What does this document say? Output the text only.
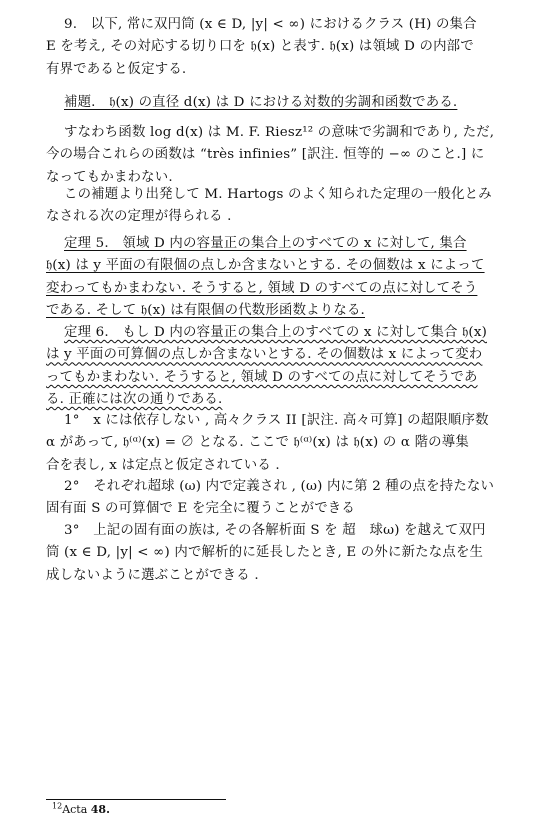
9.　以下, 常に双円筒 (x ∈ D, |y| < ∞) におけるクラス (H) の集合
E を考え, その対応する切り口を 𝔥(x) と表す. 𝔥(x) は領域 D の内部で
有界であると仮定する.
補題.　𝔥(x) の直径 d(x) は D における対数的劣調和函数である.
すなわち函数 log d(x) は M. F. Riesz¹² の意味で劣調和であり, ただ,
今の場合これらの函数は “très infinies” [訳注. 恒等的 −∞ のこと.] に
なってもかまわない.
この補題より出発して M. Hartogs のよく知られた定理の一般化とみ
なされる次の定理が得られる .
定理 5.　領域 D 内の容量正の集合上のすべての x に対して, 集合
𝔥(x) は y 平面の有限個の点しか含まないとする. その個数は x によって
変わってもかまわない. そうすると, 領域 D のすべての点に対してそう
である. そして 𝔥(x) は有限個の代数形函数よりなる.
定理 6.　もし D 内の容量正の集合上のすべての x に対して集合 𝔥(x)
は y 平面の可算個の点しか含まないとする. その個数は x によって変わ
ってもかまわない. そうすると, 領域 D のすべての点に対してそうであ
る. 正確には次の通りである.
1°　x には依存しない , 高々クラス II [訳注. 高々可算] の超限順序数
α があって, 𝔥⁽ᵅ⁾(x) = ∅ となる. ここで 𝔥⁽ᵅ⁾(x) は 𝔥(x) の α 階の導集
合を表し, x は定点と仮定されている .
2°　それぞれ超球 (ω) 内で定義され , (ω) 内に第 2 種の点を持たない
固有面 S の可算個で E を完全に覆うことができる
3°　上記の固有面の族は, その各解析面 S を 超　球ω) を越えて双円
筒 (x ∈ D, |y| < ∞) 内で解析的に延長したとき, E の外に新たな点を生
成しないように選ぶことができる .
$^{12}$Acta 48.
